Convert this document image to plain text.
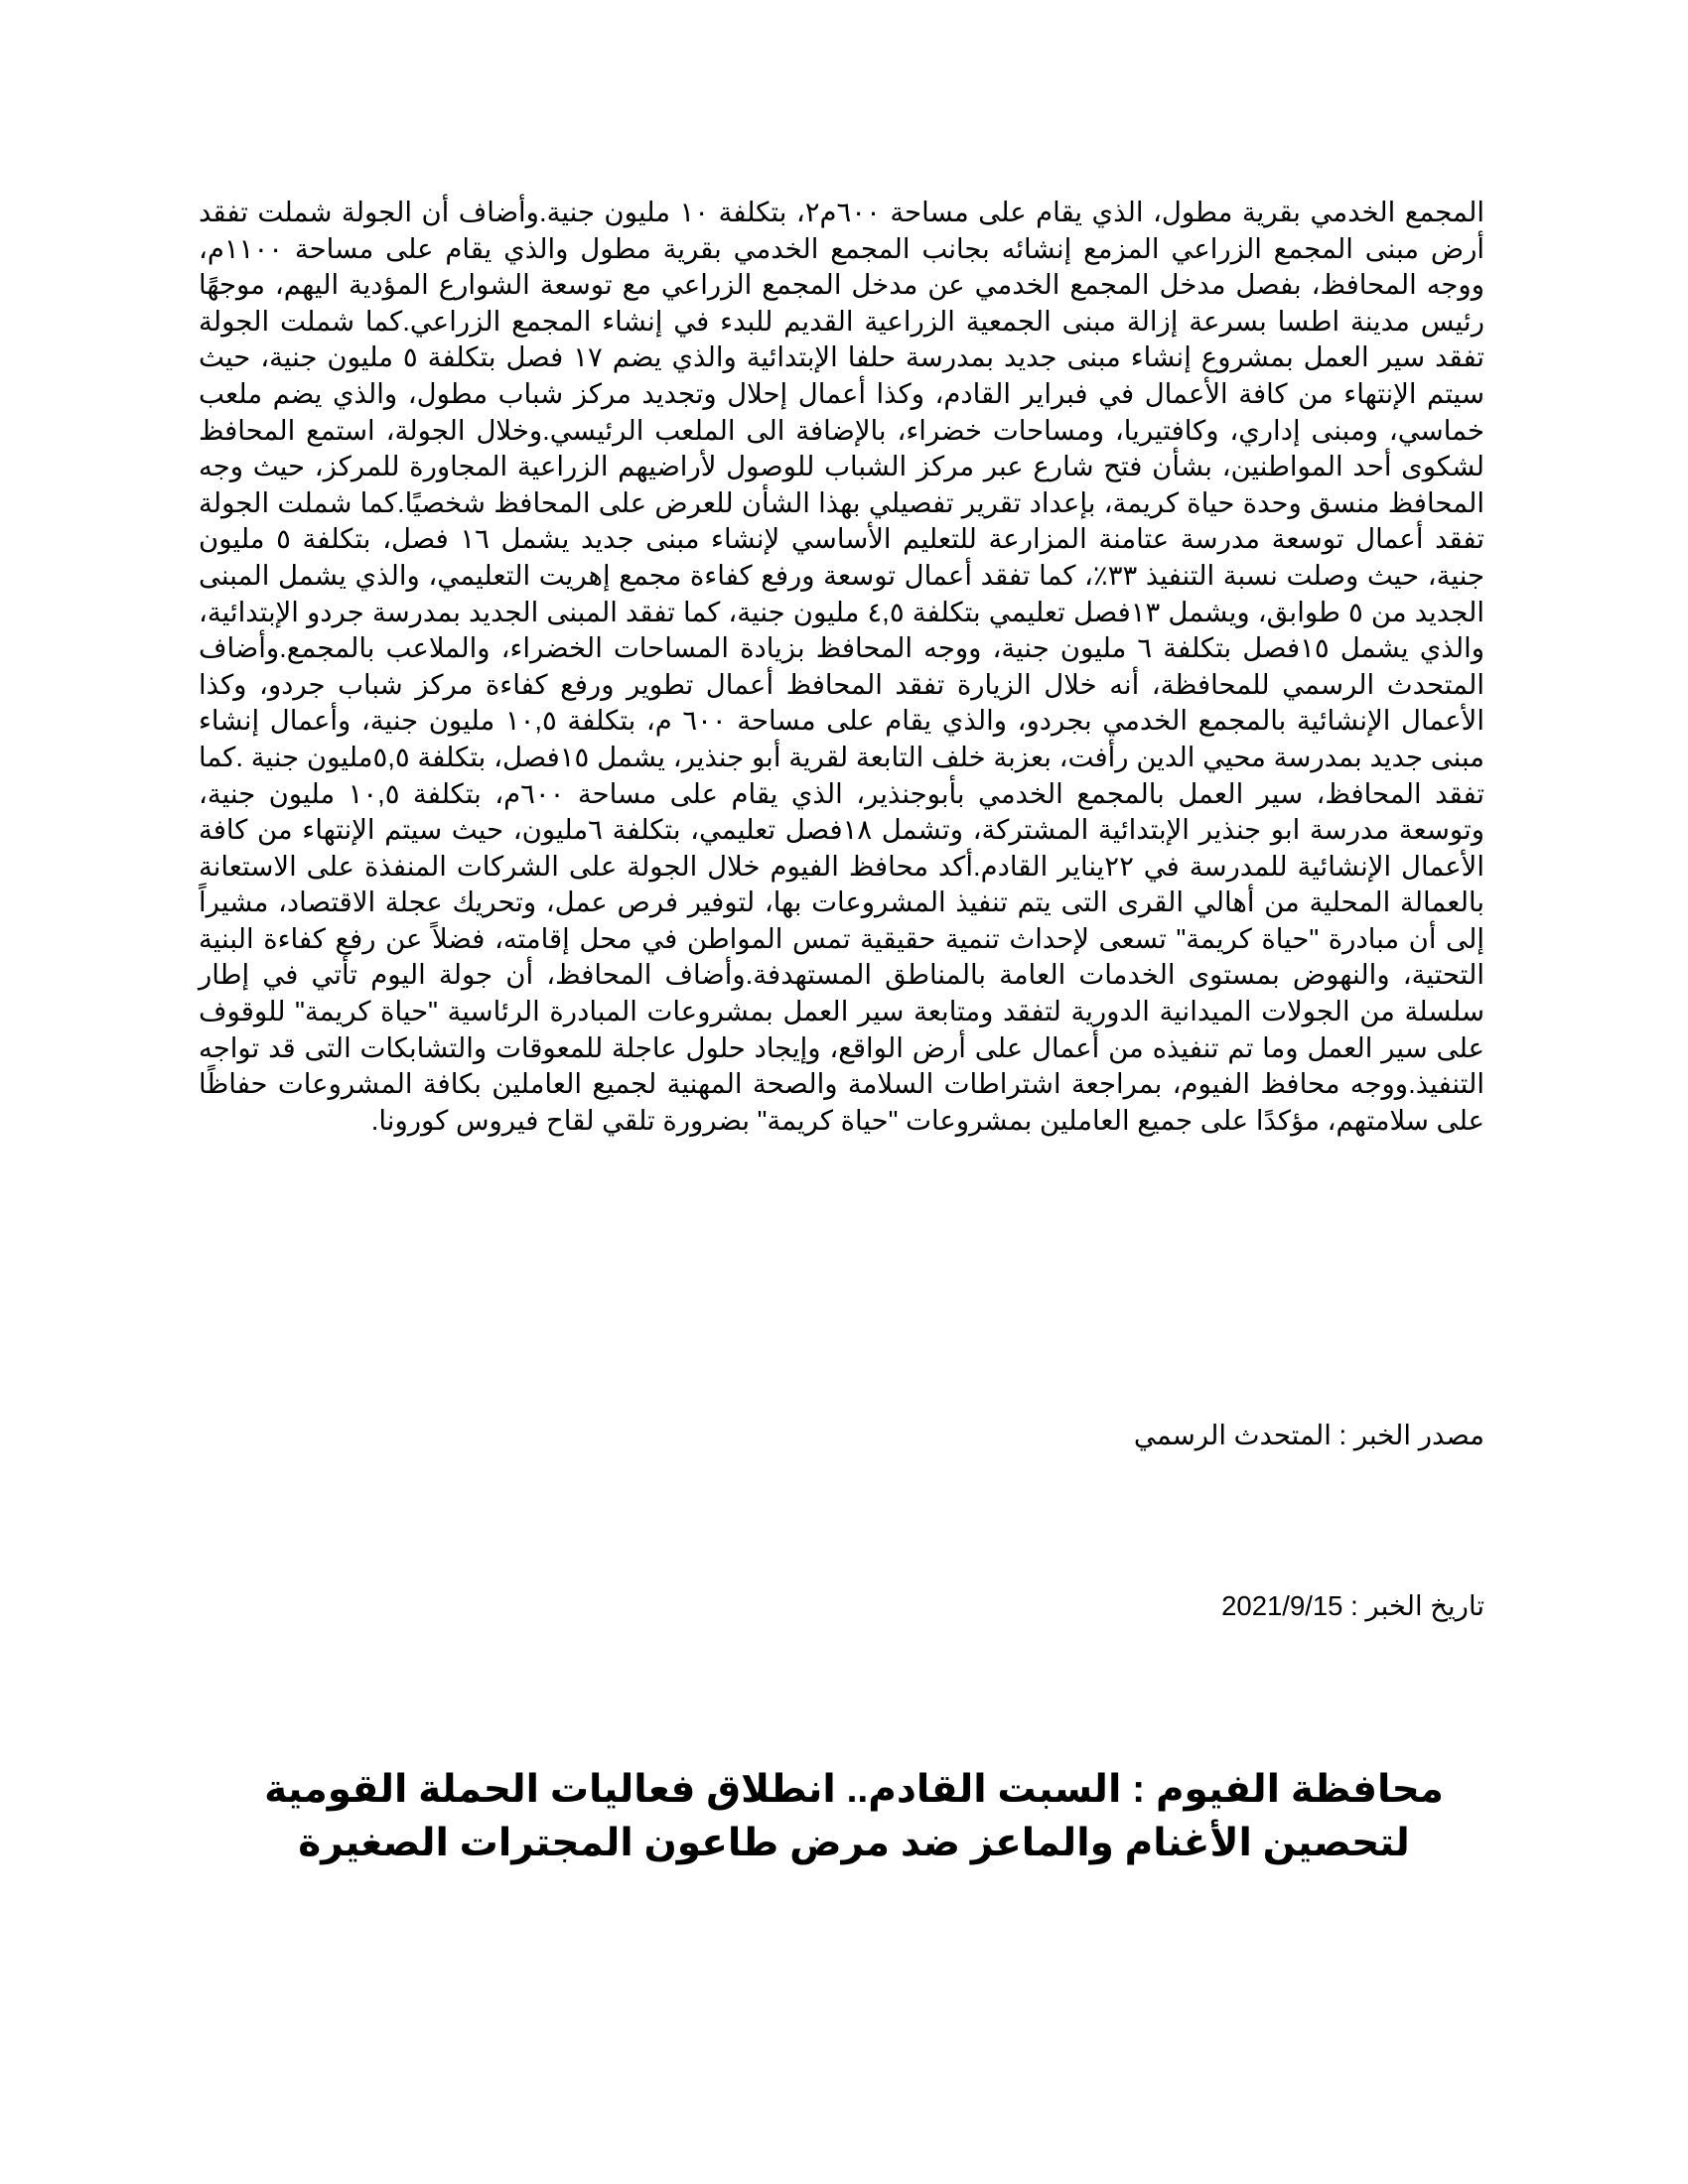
المجمع الخدمي بقرية مطول، الذي يقام على مساحة ٦٠٠م٢، بتكلفة ١٠ مليون جنية.وأضاف أن الجولة شملت تفقد أرض مبنى المجمع الزراعي المزمع إنشائه بجانب المجمع الخدمي بقرية مطول والذي يقام على مساحة ١١٠٠م، ووجه المحافظ، بفصل مدخل المجمع الخدمي عن مدخل المجمع الزراعي مع توسعة الشوارع المؤدية اليهم، موجهًا رئيس مدينة اطسا بسرعة إزالة مبنى الجمعية الزراعية القديم للبدء في إنشاء المجمع الزراعي.كما شملت الجولة تفقد سير العمل بمشروع إنشاء مبنى جديد بمدرسة حلفا الإبتدائية والذي يضم ١٧ فصل بتكلفة ٥ مليون جنية، حيث سيتم الإنتهاء من كافة الأعمال في فبراير القادم، وكذا أعمال إحلال وتجديد مركز شباب مطول، والذي يضم ملعب خماسي، ومبنى إداري، وكافتيريا، ومساحات خضراء، بالإضافة الى الملعب الرئيسي.وخلال الجولة، استمع المحافظ لشكوى أحد المواطنين، بشأن فتح شارع عبر مركز الشباب للوصول لأراضيهم الزراعية المجاورة للمركز، حيث وجه المحافظ منسق وحدة حياة كريمة، بإعداد تقرير تفصيلي بهذا الشأن للعرض على المحافظ شخصيًا.كما شملت الجولة تفقد أعمال توسعة مدرسة عتامنة المزارعة للتعليم الأساسي لإنشاء مبنى جديد يشمل ١٦ فصل، بتكلفة ٥ مليون جنية، حيث وصلت نسبة التنفيذ ٣٣٪، كما تفقد أعمال توسعة ورفع كفاءة مجمع إهريت التعليمي، والذي يشمل المبنى الجديد من ٥ طوابق، ويشمل ١٣فصل تعليمي بتكلفة ٤,٥ مليون جنية، كما تفقد المبنى الجديد بمدرسة جردو الإبتدائية، والذي يشمل ١٥فصل بتكلفة ٦ مليون جنية، ووجه المحافظ بزيادة المساحات الخضراء، والملاعب بالمجمع.وأضاف المتحدث الرسمي للمحافظة، أنه خلال الزيارة تفقد المحافظ أعمال تطوير ورفع كفاءة مركز شباب جردو، وكذا الأعمال الإنشائية بالمجمع الخدمي بجردو، والذي يقام على مساحة ٦٠٠ م، بتكلفة ١٠,٥ مليون جنية، وأعمال إنشاء مبنى جديد بمدرسة محيي الدين رأفت، بعزبة خلف التابعة لقرية أبو جنذير، يشمل ١٥فصل، بتكلفة ٥,٥مليون جنية .كما تفقد المحافظ، سير العمل بالمجمع الخدمي بأبوجنذير، الذي يقام على مساحة ٦٠٠م، بتكلفة ١٠,٥ مليون جنية، وتوسعة مدرسة ابو جنذير الإبتدائية المشتركة، وتشمل ١٨فصل تعليمي، بتكلفة ٦مليون، حيث سيتم الإنتهاء من كافة الأعمال الإنشائية للمدرسة في ٢٢يناير القادم.أكد محافظ الفيوم خلال الجولة على الشركات المنفذة على الاستعانة بالعمالة المحلية من أهالي القرى التى يتم تنفيذ المشروعات بها، لتوفير فرص عمل، وتحريك عجلة الاقتصاد، مشيراً إلى أن مبادرة "حياة كريمة" تسعى لإحداث تنمية حقيقية تمس المواطن في محل إقامته، فضلاً عن رفع كفاءة البنية التحتية، والنهوض بمستوى الخدمات العامة بالمناطق المستهدفة.وأضاف المحافظ، أن جولة اليوم تأتي في إطار سلسلة من الجولات الميدانية الدورية لتفقد ومتابعة سير العمل بمشروعات المبادرة الرئاسية "حياة كريمة" للوقوف على سير العمل وما تم تنفيذه من أعمال على أرض الواقع، وإيجاد حلول عاجلة للمعوقات والتشابكات التى قد تواجه التنفيذ.ووجه محافظ الفيوم، بمراجعة اشتراطات السلامة والصحة المهنية لجميع العاملين بكافة المشروعات حفاظًا على سلامتهم، مؤكدًا على جميع العاملين بمشروعات "حياة كريمة" بضرورة تلقي لقاح فيروس كورونا.

مصدر الخبر : المتحدث الرسمي

تاريخ الخبر : 2021/9/15

محافظة الفيوم : السبت القادم.. انطلاق فعاليات الحملة القومية لتحصين الأغنام والماعز ضد مرض طاعون المجترات الصغيرة
